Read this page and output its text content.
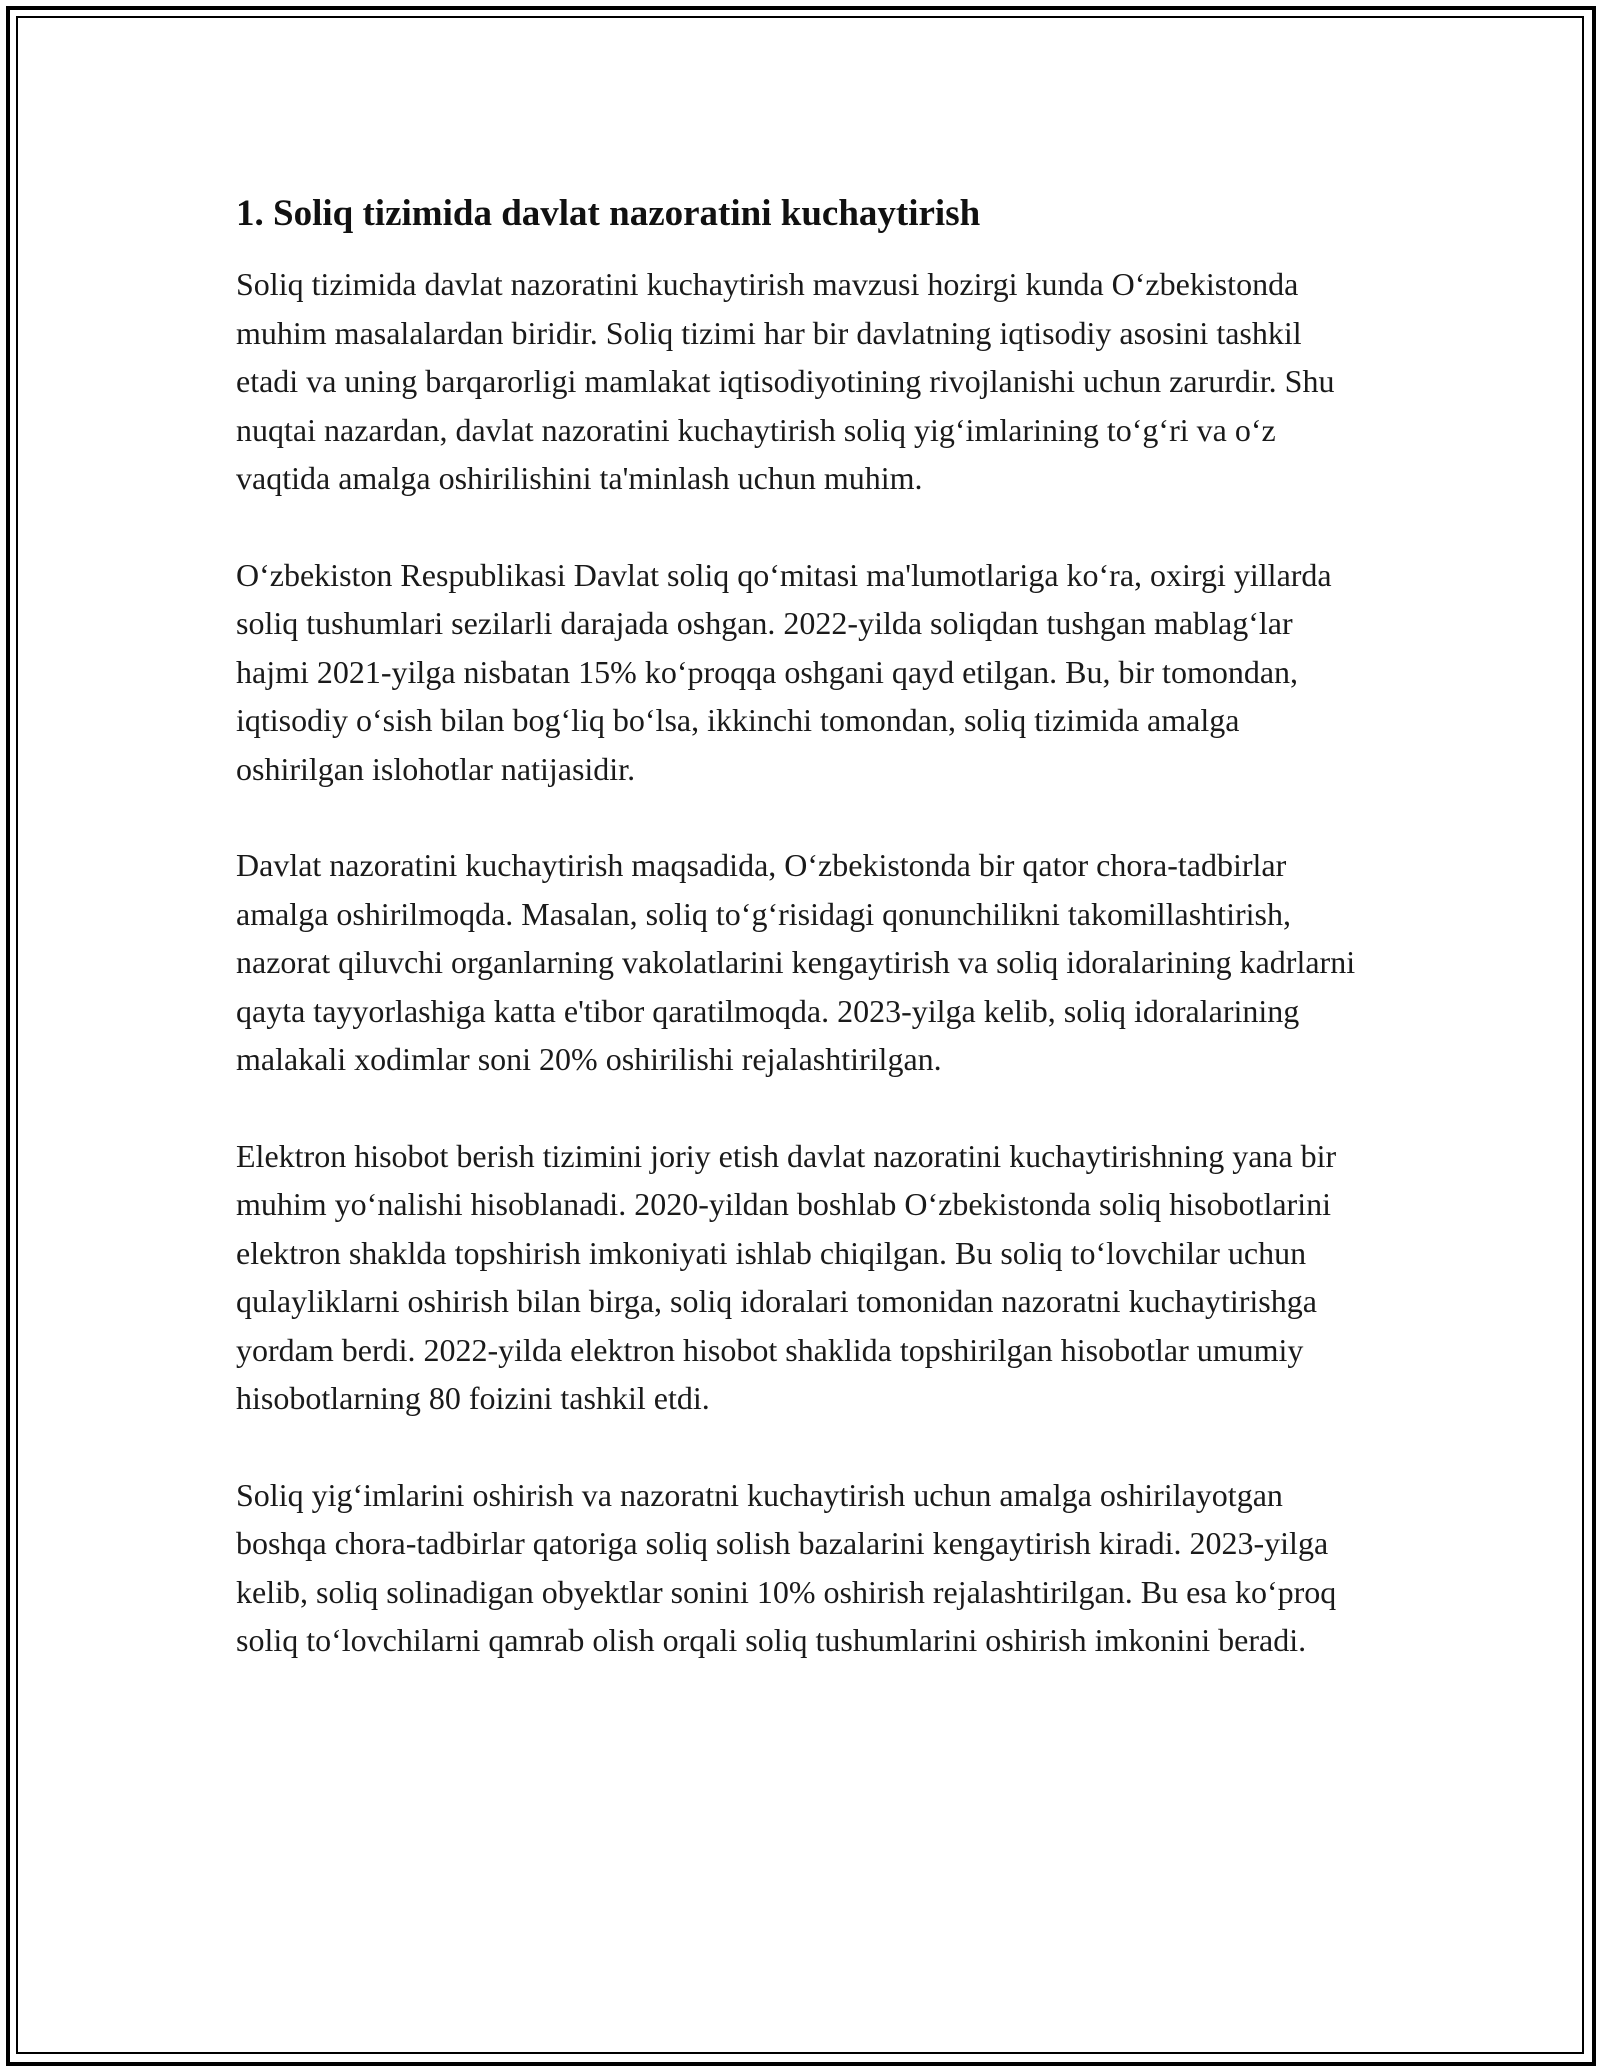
1. Soliq tizimida davlat nazoratini kuchaytirish

Soliq tizimida davlat nazoratini kuchaytirish mavzusi hozirgi kunda O‘zbekistonda muhim masalalardan biridir. Soliq tizimi har bir davlatning iqtisodiy asosini tashkil etadi va uning barqarorligi mamlakat iqtisodiyotining rivojlanishi uchun zarurdir. Shu nuqtai nazardan, davlat nazoratini kuchaytirish soliq yig‘imlarining to‘g‘ri va o‘z vaqtida amalga oshirilishini ta'minlash uchun muhim.

O‘zbekiston Respublikasi Davlat soliq qo‘mitasi ma'lumotlariga ko‘ra, oxirgi yillarda soliq tushumlari sezilarli darajada oshgan. 2022-yilda soliqdan tushgan mablag‘lar hajmi 2021-yilga nisbatan 15% ko‘proqqa oshgani qayd etilgan. Bu, bir tomondan, iqtisodiy o‘sish bilan bog‘liq bo‘lsa, ikkinchi tomondan, soliq tizimida amalga oshirilgan islohotlar natijasidir.

Davlat nazoratini kuchaytirish maqsadida, O‘zbekistonda bir qator chora-tadbirlar amalga oshirilmoqda. Masalan, soliq to‘g‘risidagi qonunchilikni takomillashtirish, nazorat qiluvchi organlarning vakolatlarini kengaytirish va soliq idoralarining kadrlarni qayta tayyorlashiga katta e'tibor qaratilmoqda. 2023-yilga kelib, soliq idoralarining malakali xodimlar soni 20% oshirilishi rejalashtirilgan.

Elektron hisobot berish tizimini joriy etish davlat nazoratini kuchaytirishning yana bir muhim yo‘nalishi hisoblanadi. 2020-yildan boshlab O‘zbekistonda soliq hisobotlarini elektron shaklda topshirish imkoniyati ishlab chiqilgan. Bu soliq to‘lovchilar uchun qulayliklarni oshirish bilan birga, soliq idoralari tomonidan nazoratni kuchaytirishga yordam berdi. 2022-yilda elektron hisobot shaklida topshirilgan hisobotlar umumiy hisobotlarning 80 foizini tashkil etdi.

Soliq yig‘imlarini oshirish va nazoratni kuchaytirish uchun amalga oshirilayotgan boshqa chora-tadbirlar qatoriga soliq solish bazalarini kengaytirish kiradi. 2023-yilga kelib, soliq solinadigan obyektlar sonini 10% oshirish rejalashtirilgan. Bu esa ko‘proq soliq to‘lovchilarni qamrab olish orqali soliq tushumlarini oshirish imkonini beradi.
